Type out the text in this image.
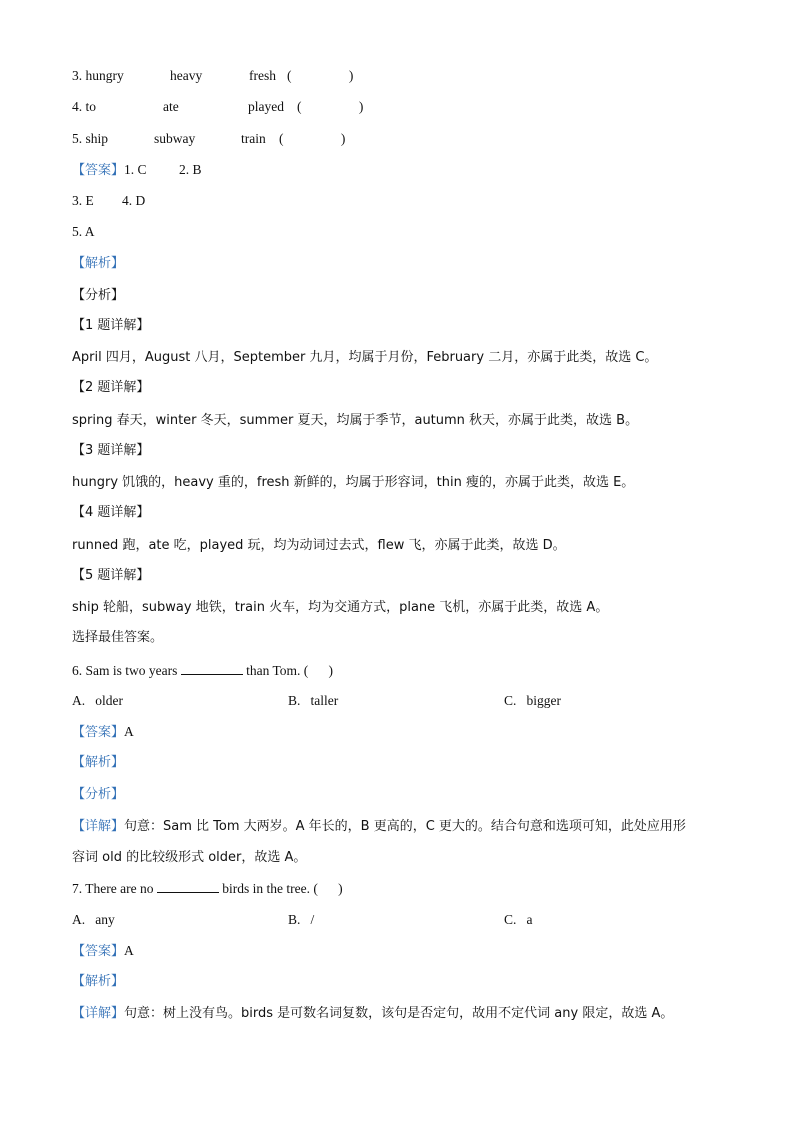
3. hungry	heavy	fresh (                 )
4. to	ate	played (                 )
5. ship	subway	train (                 )
【答案】1. C 2. B
3. E 4. D
5. A
【解析】
【分析】
【1 题详解】
April 四月，August 八月，September 九月，均属于月份，February 二月，亦属于此类，故选 C。
【2 题详解】
spring 春天，winter 冬天，summer 夏天，均属于季节，autumn 秋天，亦属于此类，故选 B。
【3 题详解】
hungry 饥饿的，heavy 重的，fresh 新鲜的，均属于形容词，thin 瘦的，亦属于此类，故选 E。
【4 题详解】
runned 跑，ate 吃，played 玩，均为动词过去式，flew 飞，亦属于此类，故选 D。
【5 题详解】
ship 轮船，subway 地铁，train 火车，均为交通方式，plane 飞机，亦属于此类，故选 A。
选择最佳答案。
6. Sam is two years	than Tom. (      )
A.   older	B.   taller	C.   bigger
【答案】A
【解析】
【分析】
【详解】句意：Sam 比 Tom 大两岁。A 年长的，B 更高的，C 更大的。结合句意和选项可知，此处应用形
容词 old 的比较级形式 older，故选 A。
7. There are no	birds in the tree. (      )
A.   any	B.   /	C.   a
【答案】A
【解析】
【详解】句意：树上没有鸟。birds 是可数名词复数，该句是否定句，故用不定代词 any 限定，故选 A。
